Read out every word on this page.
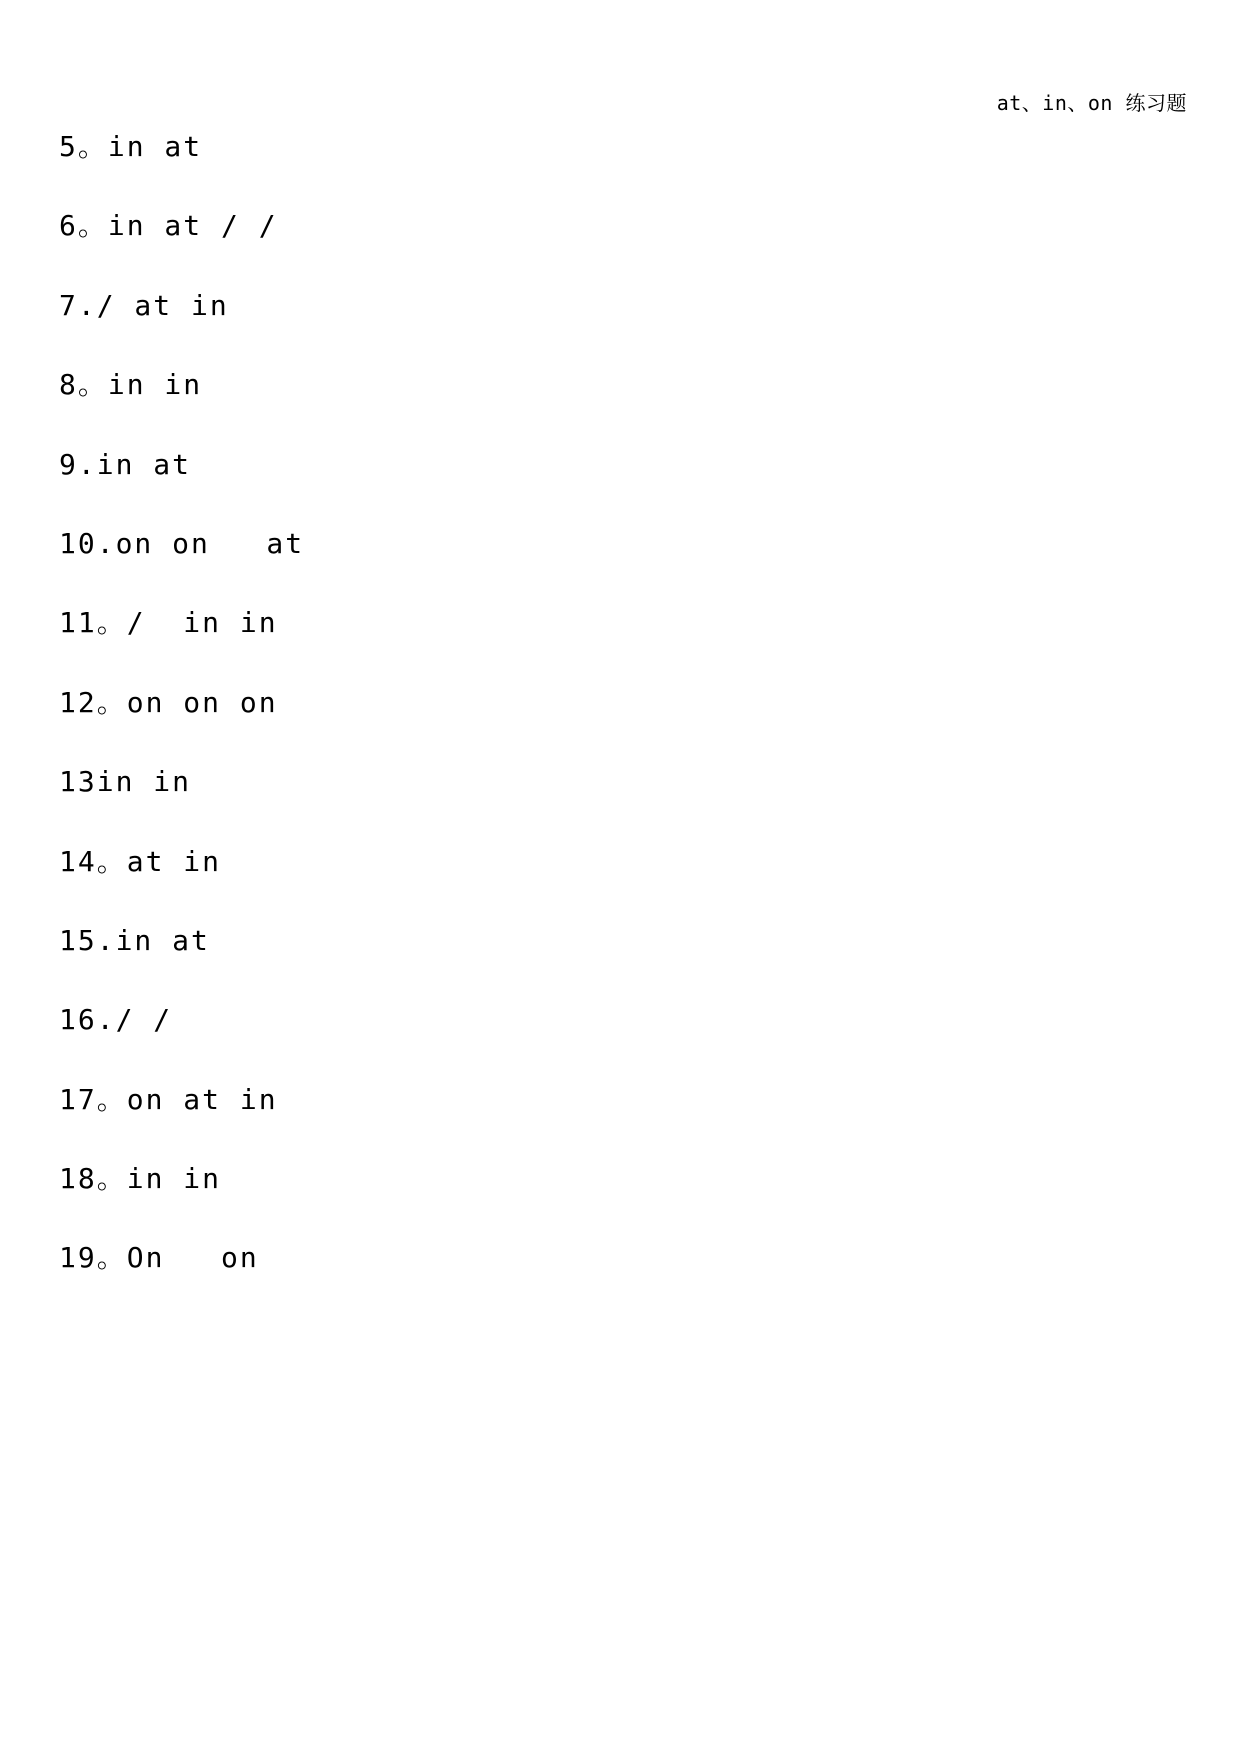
at、in、on 练习题
5。in at
6。in at / /
7./ at in
8。in in
9.in at
10.on on   at
11。/  in in
12。on on on
13in in
14。at in
15.in at
16./ /
17。on at in
18。in in
19。On   on
